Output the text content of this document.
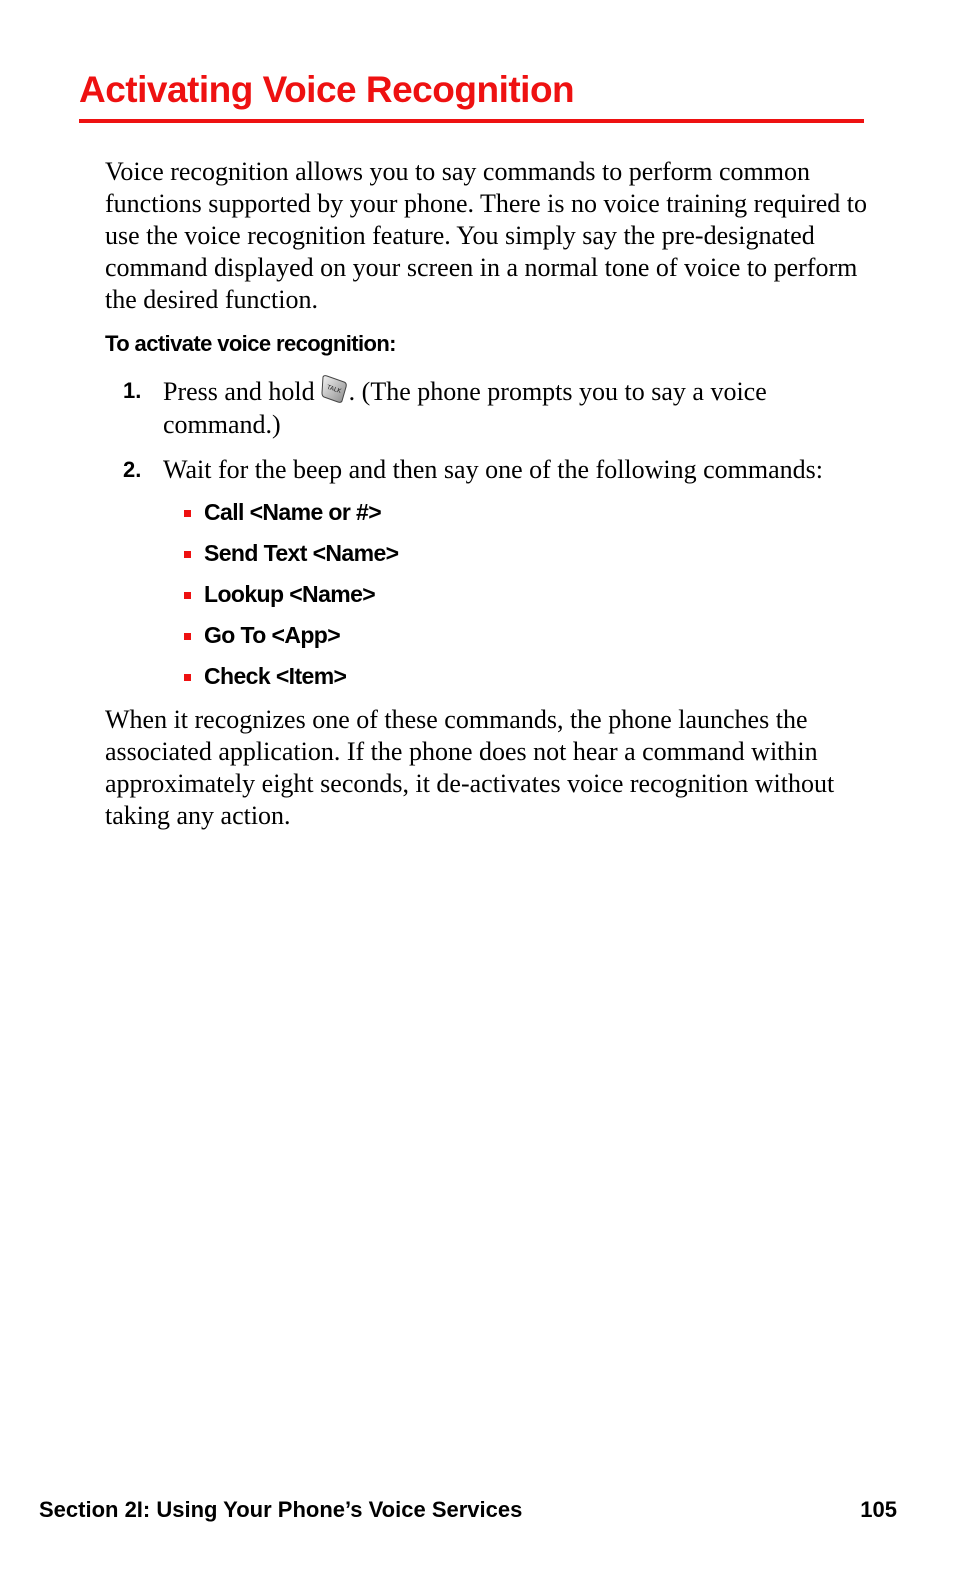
Activating Voice Recognition

Voice recognition allows you to say commands to perform common functions supported by your phone. There is no voice training required to use the voice recognition feature. You simply say the pre-designated command displayed on your screen in a normal tone of voice to perform the desired function.

To activate voice recognition:

1. Press and hold TALK . (The phone prompts you to say a voice command.)
2. Wait for the beep and then say one of the following commands:
Call <Name or #>
Send Text <Name>
Lookup <Name>
Go To <App>
Check <Item>

When it recognizes one of these commands, the phone launches the associated application. If the phone does not hear a command within approximately eight seconds, it de-activates voice recognition without taking any action.

Section 2I: Using Your Phone’s Voice Services	105
